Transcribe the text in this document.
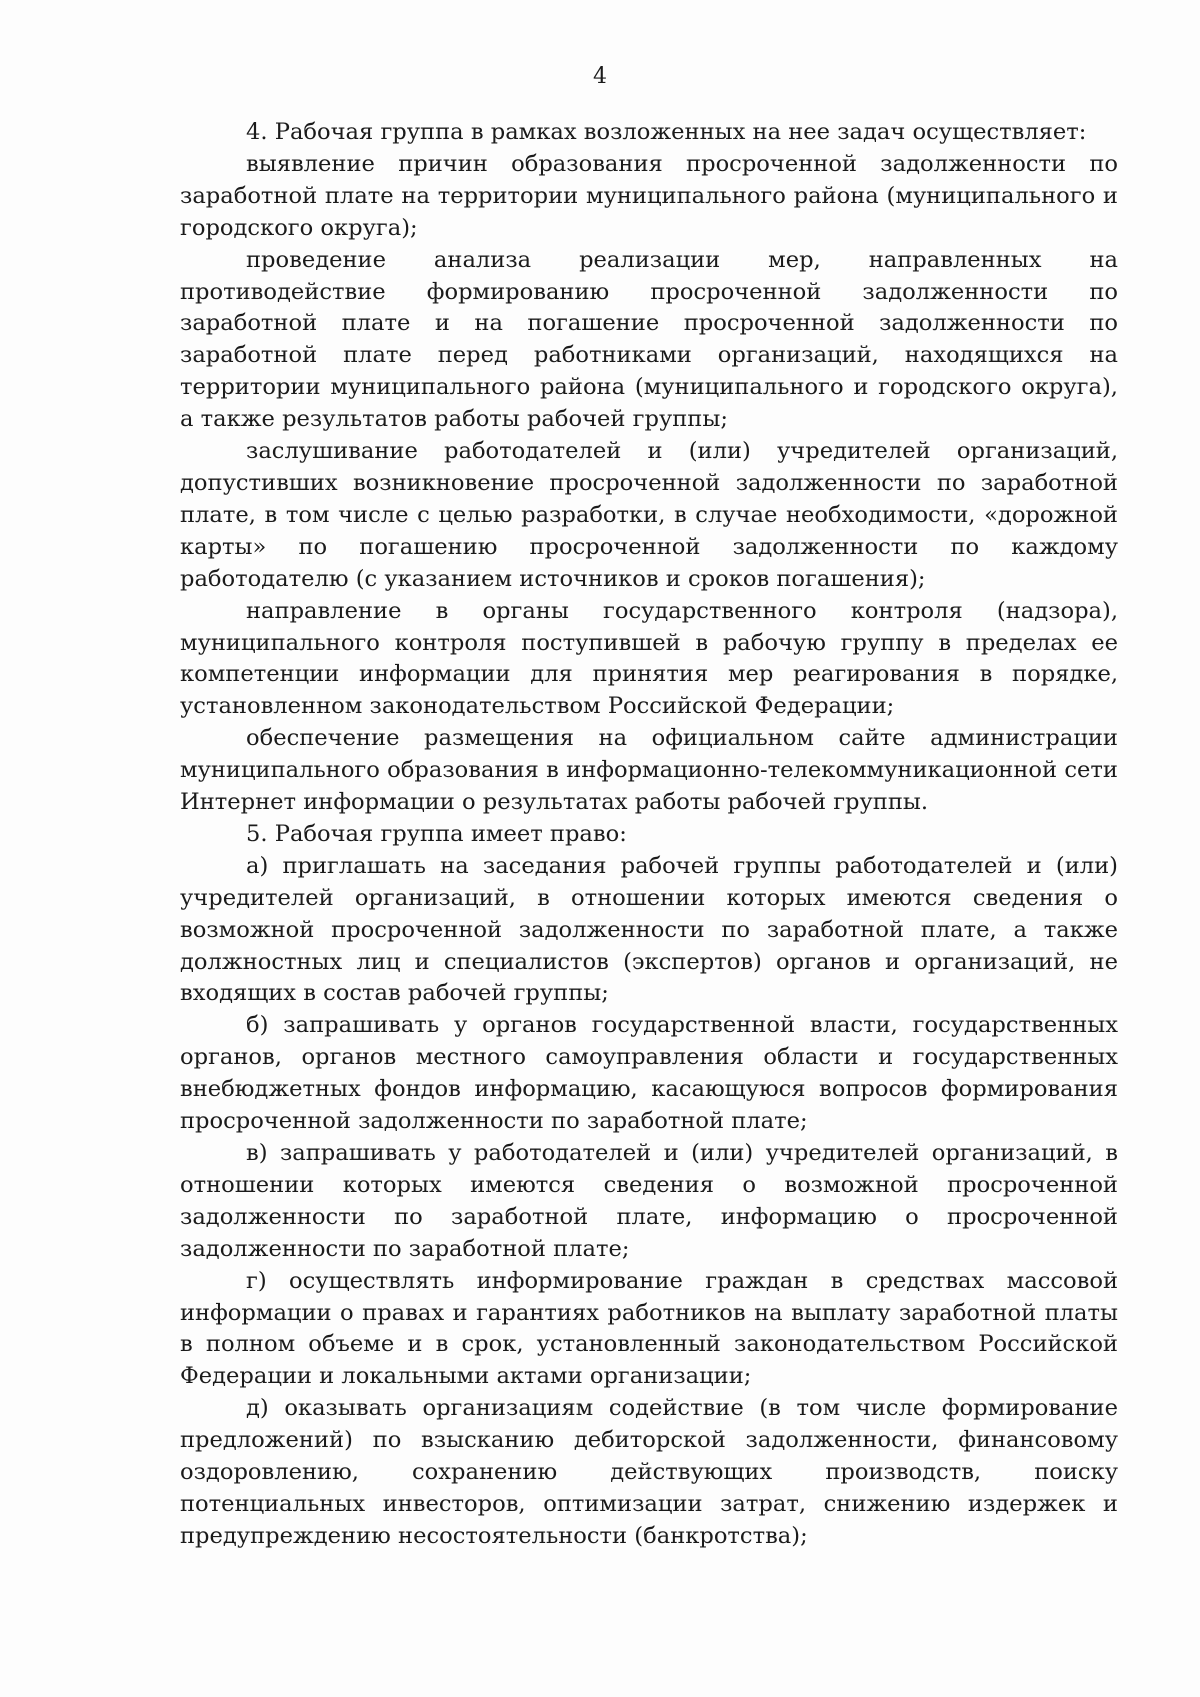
4

4. Рабочая группа в рамках возложенных на нее задач осуществляет:

выявление причин образования просроченной задолженности по заработной плате на территории муниципального района (муниципального и городского округа);

проведение анализа реализации мер, направленных на противодействие формированию просроченной задолженности по заработной плате и на погашение просроченной задолженности по заработной плате перед работниками организаций, находящихся на территории муниципального района (муниципального и городского округа), а также результатов работы рабочей группы;

заслушивание работодателей и (или) учредителей организаций, допустивших возникновение просроченной задолженности по заработной плате, в том числе с целью разработки, в случае необходимости, «дорожной карты» по погашению просроченной задолженности по каждому работодателю (с указанием источников и сроков погашения);

направление в органы государственного контроля (надзора), муниципального контроля поступившей в рабочую группу в пределах ее компетенции информации для принятия мер реагирования в порядке, установленном законодательством Российской Федерации;

обеспечение размещения на официальном сайте администрации муниципального образования в информационно-телекоммуникационной сети Интернет информации о результатах работы рабочей группы.

5. Рабочая группа имеет право:

а) приглашать на заседания рабочей группы работодателей и (или) учредителей организаций, в отношении которых имеются сведения о возможной просроченной задолженности по заработной плате, а также должностных лиц и специалистов (экспертов) органов и организаций, не входящих в состав рабочей группы;

б) запрашивать у органов государственной власти, государственных органов, органов местного самоуправления области и государственных внебюджетных фондов информацию, касающуюся вопросов формирования просроченной задолженности по заработной плате;

в) запрашивать у работодателей и (или) учредителей организаций, в отношении которых имеются сведения о возможной просроченной задолженности по заработной плате, информацию о просроченной задолженности по заработной плате;

г) осуществлять информирование граждан в средствах массовой информации о правах и гарантиях работников на выплату заработной платы в полном объеме и в срок, установленный законодательством Российской Федерации и локальными актами организации;

д) оказывать организациям содействие (в том числе формирование предложений) по взысканию дебиторской задолженности, финансовому оздоровлению, сохранению действующих производств, поиску потенциальных инвесторов, оптимизации затрат, снижению издержек и предупреждению несостоятельности (банкротства);
